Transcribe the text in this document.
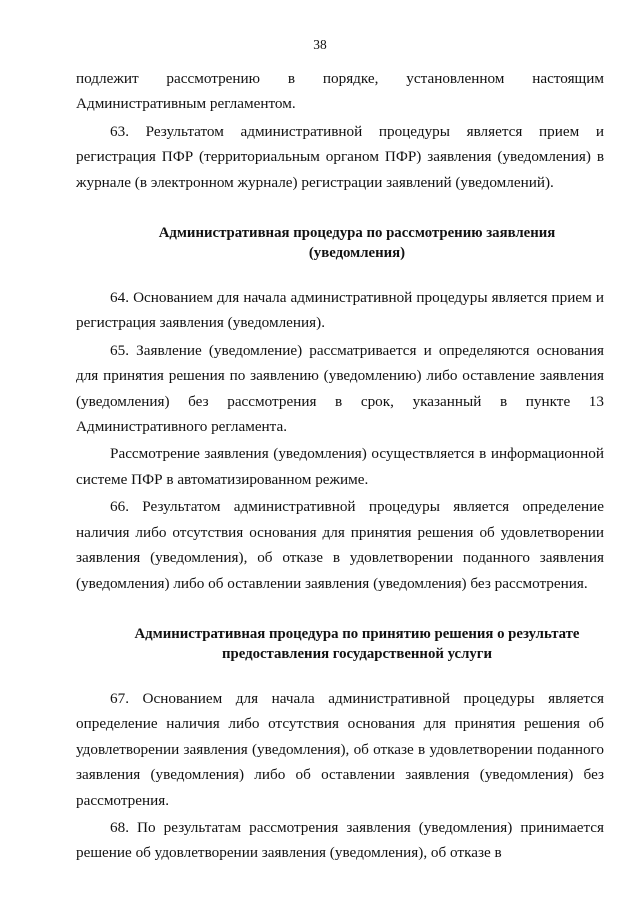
38

подлежит рассмотрению в порядке, установленном настоящим Административным регламентом.

63. Результатом административной процедуры является прием и регистрация ПФР (территориальным органом ПФР) заявления (уведомления) в журнале (в электронном журнале) регистрации заявлений (уведомлений).

Административная процедура по рассмотрению заявления (уведомления)

64. Основанием для начала административной процедуры является прием и регистрация заявления (уведомления).

65. Заявление (уведомление) рассматривается и определяются основания для принятия решения по заявлению (уведомлению) либо оставление заявления (уведомления) без рассмотрения в срок, указанный в пункте 13 Административного регламента.

Рассмотрение заявления (уведомления) осуществляется в информационной системе ПФР в автоматизированном режиме.

66. Результатом административной процедуры является определение наличия либо отсутствия основания для принятия решения об удовлетворении заявления (уведомления), об отказе в удовлетворении поданного заявления (уведомления) либо об оставлении заявления (уведомления) без рассмотрения.

Административная процедура по принятию решения о результате предоставления государственной услуги

67. Основанием для начала административной процедуры является определение наличия либо отсутствия основания для принятия решения об удовлетворении заявления (уведомления), об отказе в удовлетворении поданного заявления (уведомления) либо об оставлении заявления (уведомления) без рассмотрения.

68. По результатам рассмотрения заявления (уведомления) принимается решение об удовлетворении заявления (уведомления), об отказе в
